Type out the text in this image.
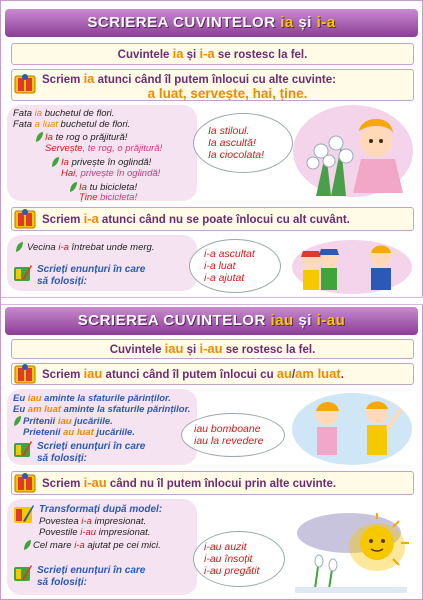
SCRIEREA CUVINTELOR ia și i-a
Cuvintele ia și i-a se rostesc la fel.
Scriem ia atunci când îl putem înlocui cu alte cuvinte:
a luat, servește, hai, ține.
Fata ia buchetul de flori.
Fata a luat buchetul de flori.
Ia te rog o prăjitură!
Servește, te rog, o prăjitură!
Ia privește în oglindă!
Hai, privește în oglindă!
Ia tu bicicleta!
Ține bicicleta!
Ia stiloul.
Ia ascultă!
Ia ciocolata!
Scriem i-a atunci când nu se poate înlocui cu alt cuvânt.
Vecina i-a întrebat unde merg.
Scrieți enunțuri în care
să folosiți:
i-a ascultat
i-a luat
i-a ajutat
SCRIEREA CUVINTELOR iau și i-au
Cuvintele iau și i-au se rostesc la fel.
Scriem iau atunci când îl putem înlocui cu au/am luat.
Eu iau aminte la sfaturile părinților.
Eu am luat aminte la sfaturile părinților.
Pritenii iau jucăriile.
Prietenii au luat jucăriile.
Scrieți enunțuri în care
să folosiți:
iau bomboane
iau la revedere
Scriem i-au când nu îl putem înlocui prin alte cuvinte.
Transformați după model:
Povestea i-a impresionat.
Povestile i-au impresionat.
Cel mare i-a ajutat pe cei mici.
Scrieți enunțuri în care
să folosiți:
i-au auzit
i-au însoțit
i-au pregătit
